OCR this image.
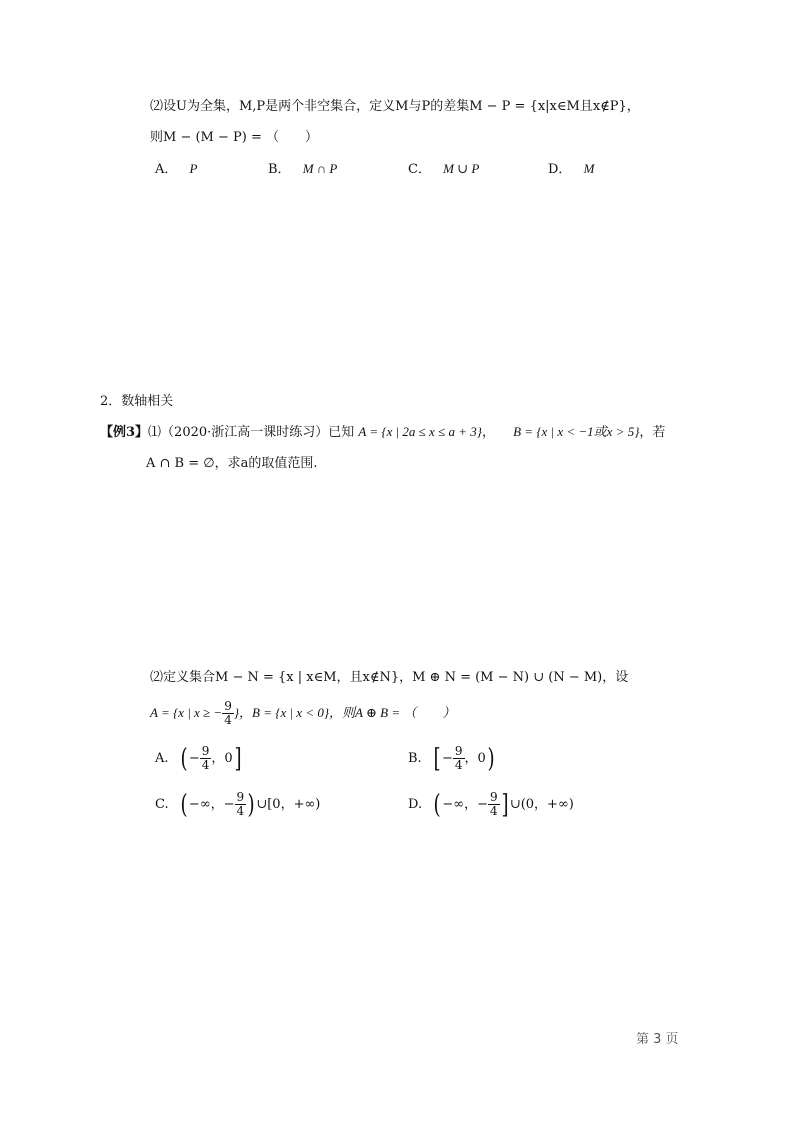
⑵设U为全集，M,P是两个非空集合，定义M与P的差集M − P = {x|x∈M且x∉P}，
则M − (M − P) = （　　）
A． P	B． M ∩ P	C． M ∪ P	D． M
2．数轴相关
【例3】⑴（2020·浙江高一课时练习）已知 A = {x | 2a ≤ x ≤ a + 3}， B = {x | x < −1或x > 5}，若
A ∩ B = ∅，求a的取值范围.
⑵定义集合M − N = {x | x∈M，且x∉N}，M ⊕ N = (M − N) ∪ (N − M)，设
A = {x | x ≥ − $\frac{9}{4}$ }，B = {x | x < 0}，则A ⊕ B = （　　）
A. ( − $\frac{9}{4}$ ，0]	B. [ − $\frac{9}{4}$ ，0)
C. ( −∞，− $\frac{9}{4}$ ) ∪[0，+∞)	D. ( −∞，− $\frac{9}{4}$ ] ∪(0，+∞)
第 3 页
